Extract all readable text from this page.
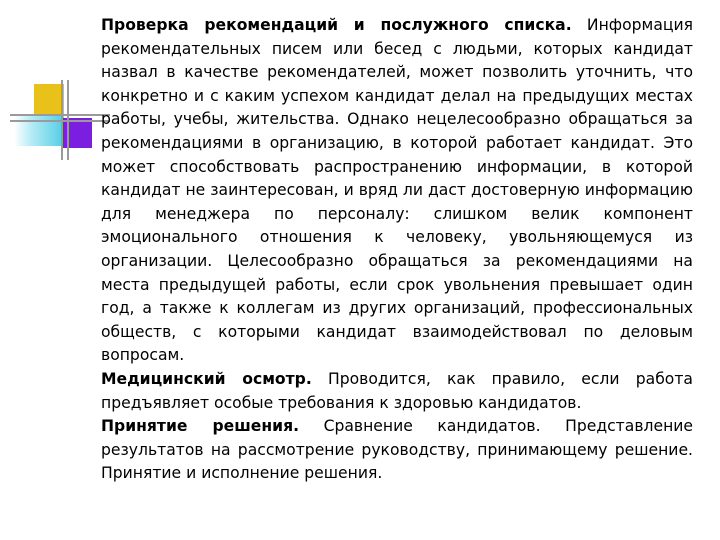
Проверка рекомендаций и послужного списка. Информация рекомендательных писем или бесед с людьми, которых кандидат назвал в качестве рекомендателей, может позволить уточнить, что конкретно и с каким успехом кандидат делал на предыдущих местах работы, учебы, жительства. Однако нецелесообразно обращаться за рекомендациями в организацию, в которой работает кандидат. Это может способствовать распространению информации, в которой кандидат не заинтересован, и вряд ли даст достоверную информацию для менеджера по персоналу: слишком велик компонент эмоционального отношения к человеку, увольняющемуся из организации. Целесообразно обращаться за рекомендациями на места предыдущей работы, если срок увольнения превышает один год, а также к коллегам из других организаций, профессиональных обществ, с которыми кандидат взаимодействовал по деловым вопросам.

Медицинский осмотр. Проводится, как правило, если работа предъявляет особые требования к здоровью кандидатов.

Принятие решения. Сравнение кандидатов. Представление результатов на рассмотрение руководству, принимающему решение. Принятие и исполнение решения.
